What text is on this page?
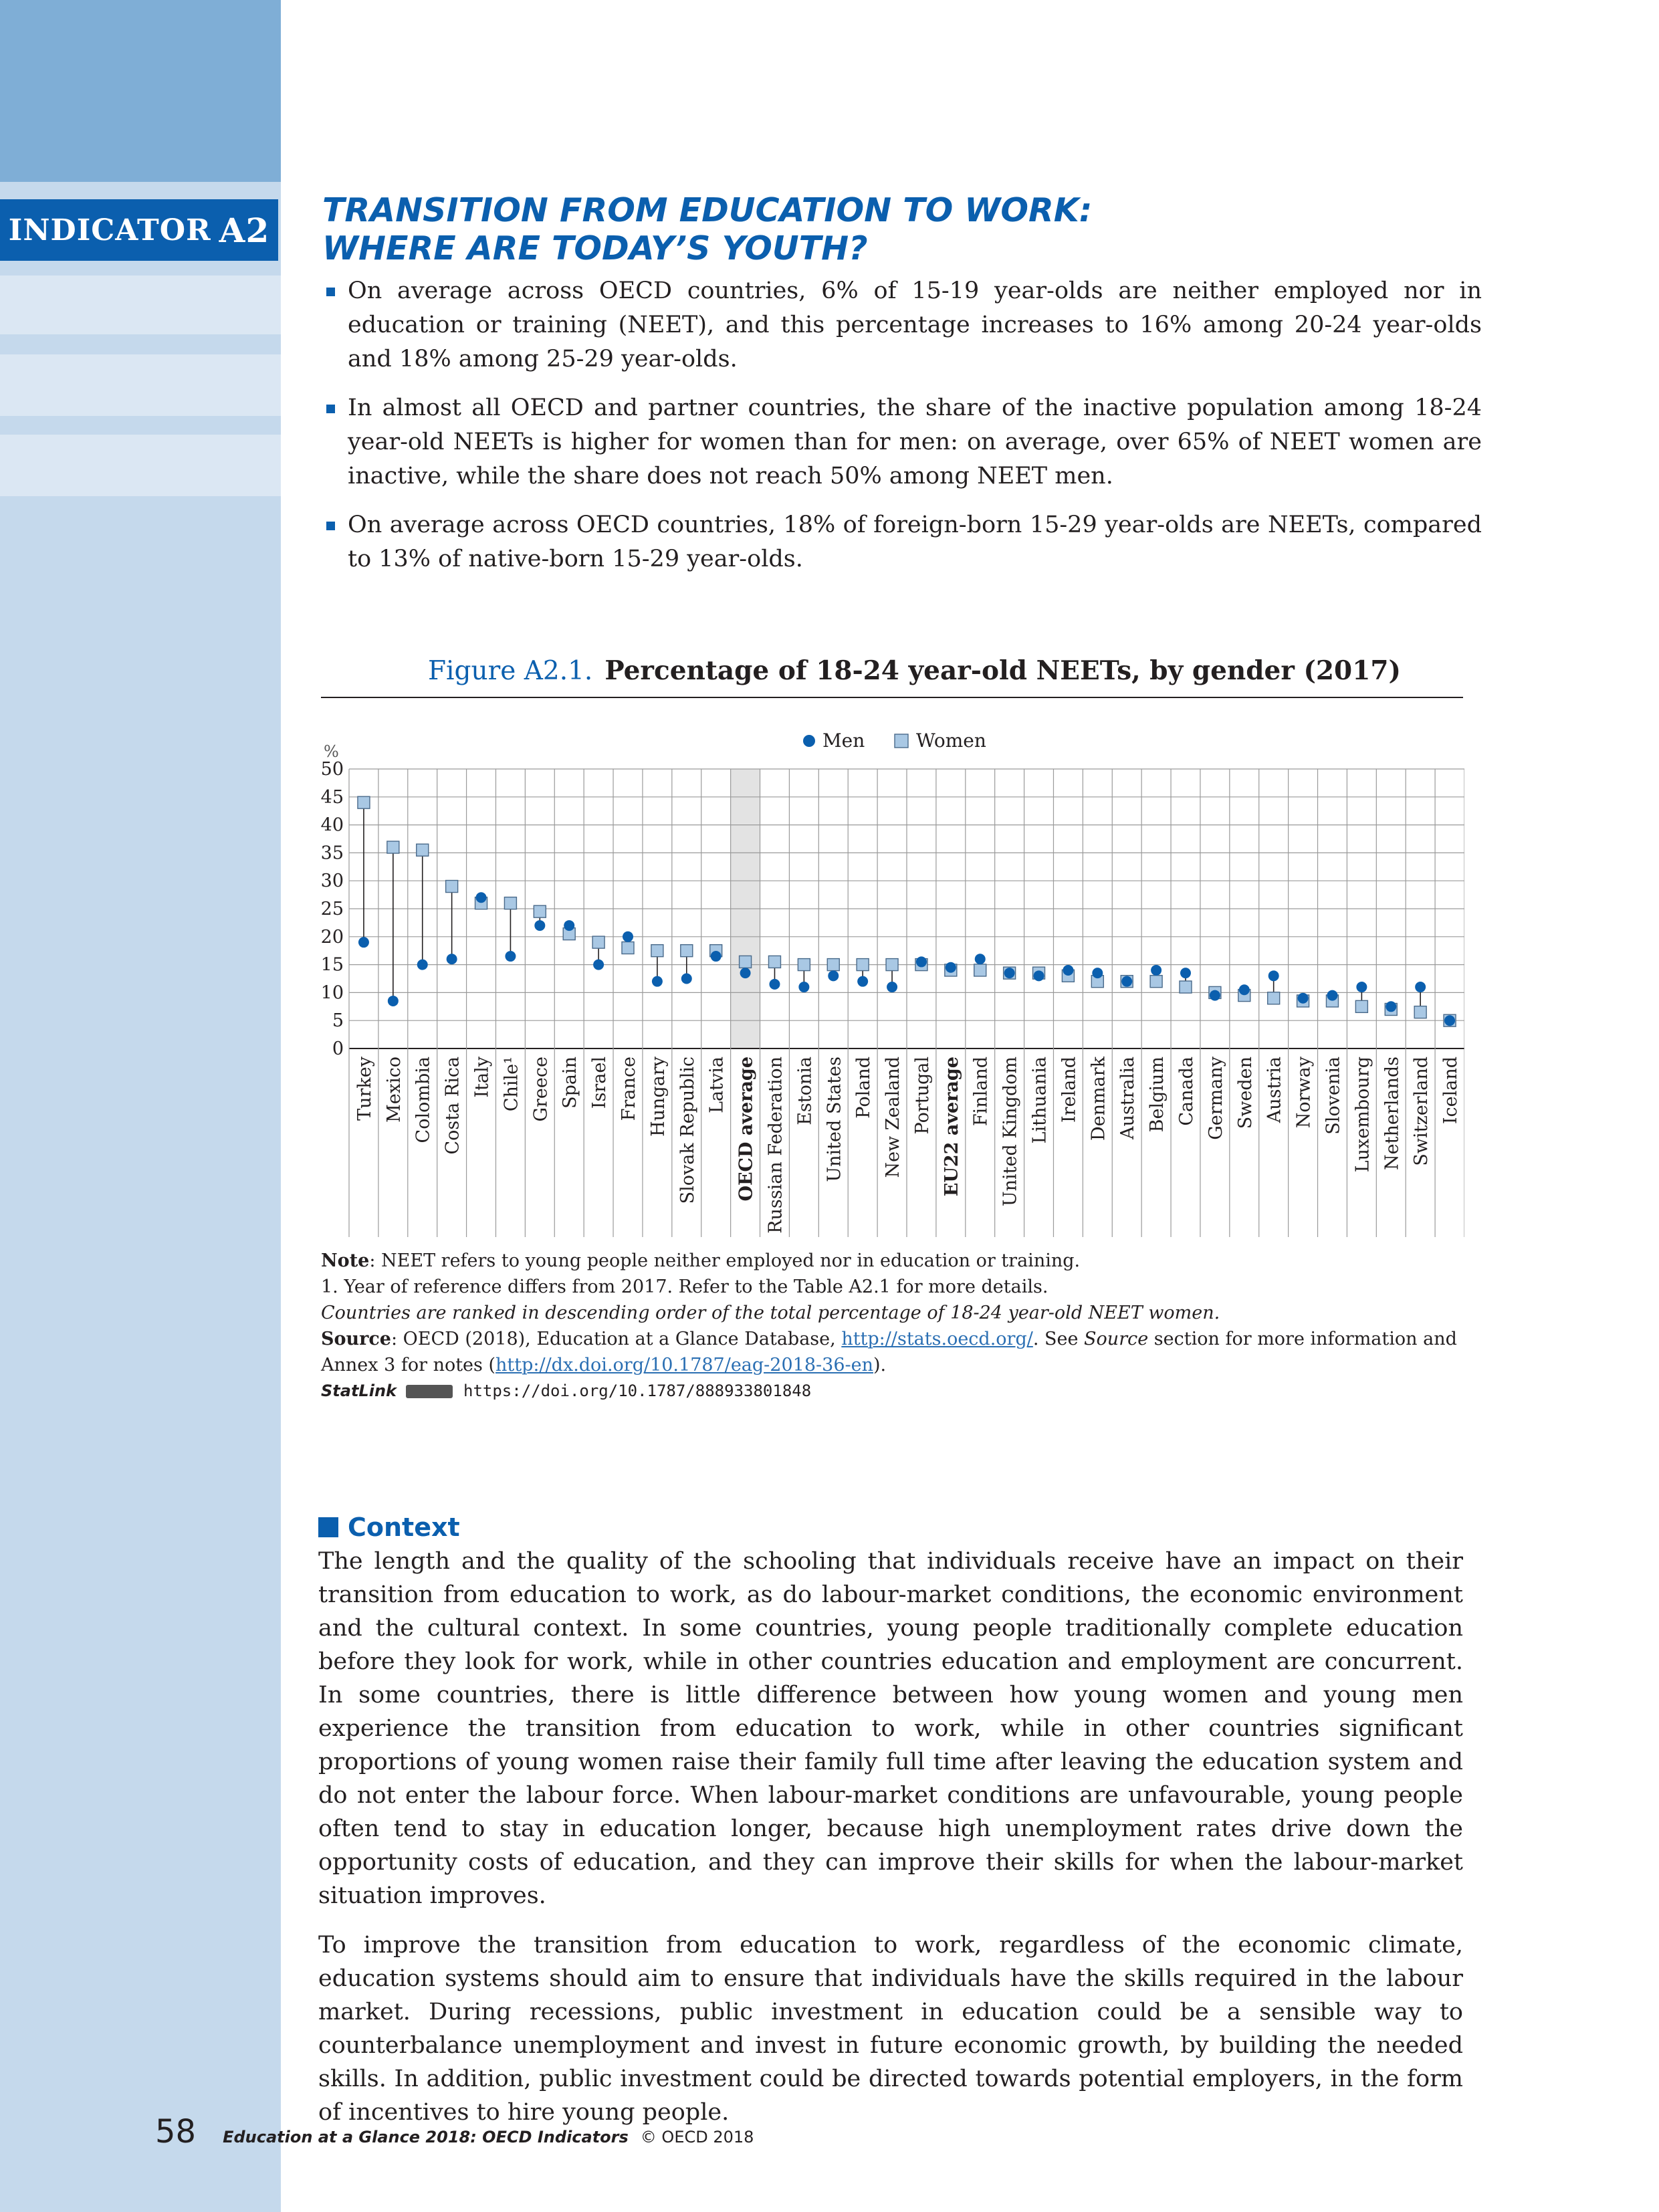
INDICATOR A2 TRANSITION FROM EDUCATION TO WORK:
WHERE ARE TODAY’S YOUTH?
On average across OECD countries, 6% of 15-19 year-olds are neither employed nor in education or training (NEET), and this percentage increases to 16% among 20-24 year-olds and 18% among 25-29 year-olds.
In almost all OECD and partner countries, the share of the inactive population among 18-24 year-old NEETs is higher for women than for men: on average, over 65% of NEET women are inactive, while the share does not reach 50% among NEET men.
On average across OECD countries, 18% of foreign-born 15-29 year-olds are NEETs, compared to 13% of native-born 15-29 year-olds.
Figure A2.1. Percentage of 18-24 year-old NEETs, by gender (2017)
0
5
10
15
20
25
30
35
40
45
50
%
Turkey Mexico Colombia Costa Rica Italy Chile¹ Greece Spain Israel France Hungary Slovak Republic Latvia OECD average Russian Federation Estonia United States Poland New Zealand Portugal EU22 average Finland United Kingdom Lithuania Ireland Denmark Australia Belgium Canada Germany Sweden Austria Norway Slovenia Luxembourg Netherlands Switzerland Iceland
Men	Women
Note: NEET refers to young people neither employed nor in education or training.
1. Year of reference differs from 2017. Refer to the Table A2.1 for more details.
Countries are ranked in descending order of the total percentage of 18-24 year-old NEET women.
Source: OECD (2018), Education at a Glance Database, http://stats.oecd.org/. See Source section for more information and Annex 3 for notes (http://dx.doi.org/10.1787/eag-2018-36-en).
StatLink	https://doi.org/10.1787/888933801848
Context

The length and the quality of the schooling that individuals receive have an impact on their transition from education to work, as do labour-market conditions, the economic environment and the cultural context. In some countries, young people traditionally complete education before they look for work, while in other countries education and employment are concurrent. In some countries, there is little difference between how young women and young men experience the transition from education to work, while in other countries significant proportions of young women raise their family full time after leaving the education system and do not enter the labour force. When labour-market conditions are unfavourable, young people often tend to stay in education longer, because high unemployment rates drive down the opportunity costs of education, and they can improve their skills for when the labour-market situation improves.

To improve the transition from education to work, regardless of the economic climate, education systems should aim to ensure that individuals have the skills required in the labour market. During recessions, public investment in education could be a sensible way to counterbalance unemployment and invest in future economic growth, by building the needed skills. In addition, public investment could be directed towards potential employers, in the form of incentives to hire young people.

58 Education at a Glance 2018: OECD Indicators © OECD 2018
